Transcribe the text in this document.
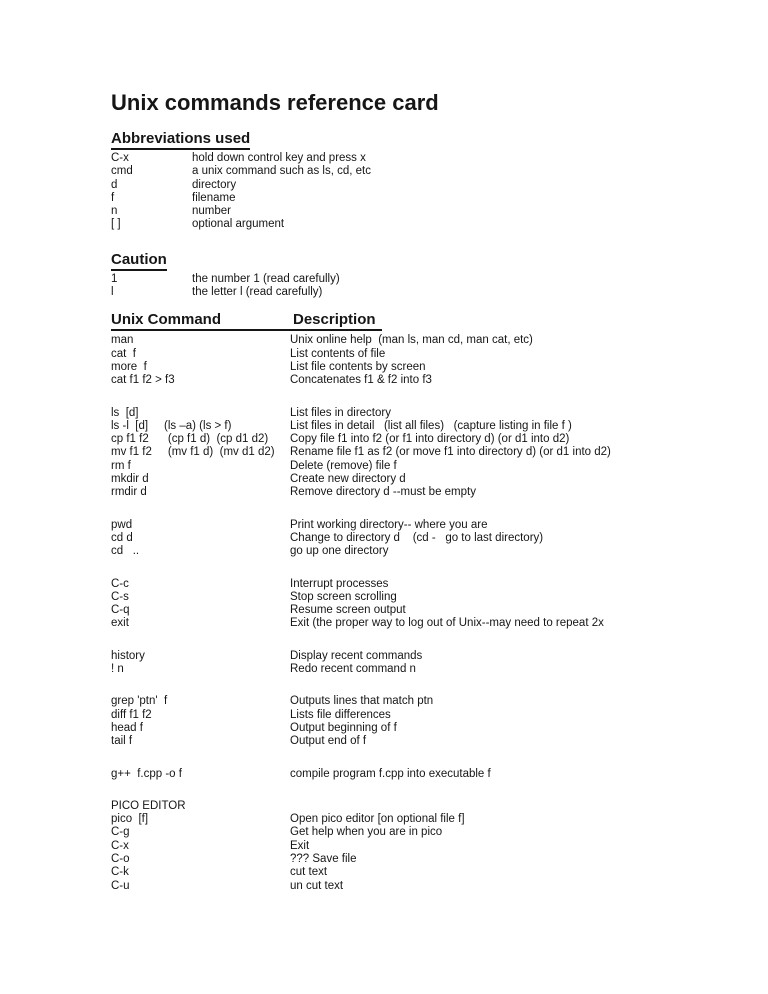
Unix commands reference card
Abbreviations used
C-x	hold down control key and press x
cmd	a unix command such as ls, cd, etc
d	directory
f	filename
n	number
[ ]	optional argument
Caution
1	the number 1 (read carefully)
l	the letter l (read carefully)
Unix Command	Description
man	Unix online help  (man ls, man cd, man cat, etc)
cat  f	List contents of file
more  f	List file contents by screen
cat f1 f2 > f3	Concatenates f1 & f2 into f3
ls  [d]	List files in directory
ls -l  [d]     (ls –a) (ls > f)	List files in detail   (list all files)   (capture listing in file f )
cp f1 f2      (cp f1 d)  (cp d1 d2)	Copy file f1 into f2 (or f1 into directory d) (or d1 into d2)
mv f1 f2     (mv f1 d)  (mv d1 d2)	Rename file f1 as f2 (or move f1 into directory d) (or d1 into d2)
rm f	Delete (remove) file f
mkdir d	Create new directory d
rmdir d	Remove directory d --must be empty
pwd	Print working directory-- where you are
cd d	Change to directory d    (cd -   go to last directory)
cd   ..	go up one directory
C-c	Interrupt processes
C-s	Stop screen scrolling
C-q	Resume screen output
exit	Exit (the proper way to log out of Unix--may need to repeat 2x
history	Display recent commands
! n	Redo recent command n
grep 'ptn'  f	Outputs lines that match ptn
diff f1 f2	Lists file differences
head f	Output beginning of f
tail f	Output end of f
g++  f.cpp -o f	compile program f.cpp into executable f
PICO EDITOR
pico  [f]	Open pico editor [on optional file f]
C-g	Get help when you are in pico
C-x	Exit
C-o	??? Save file
C-k	cut text
C-u	un cut text
